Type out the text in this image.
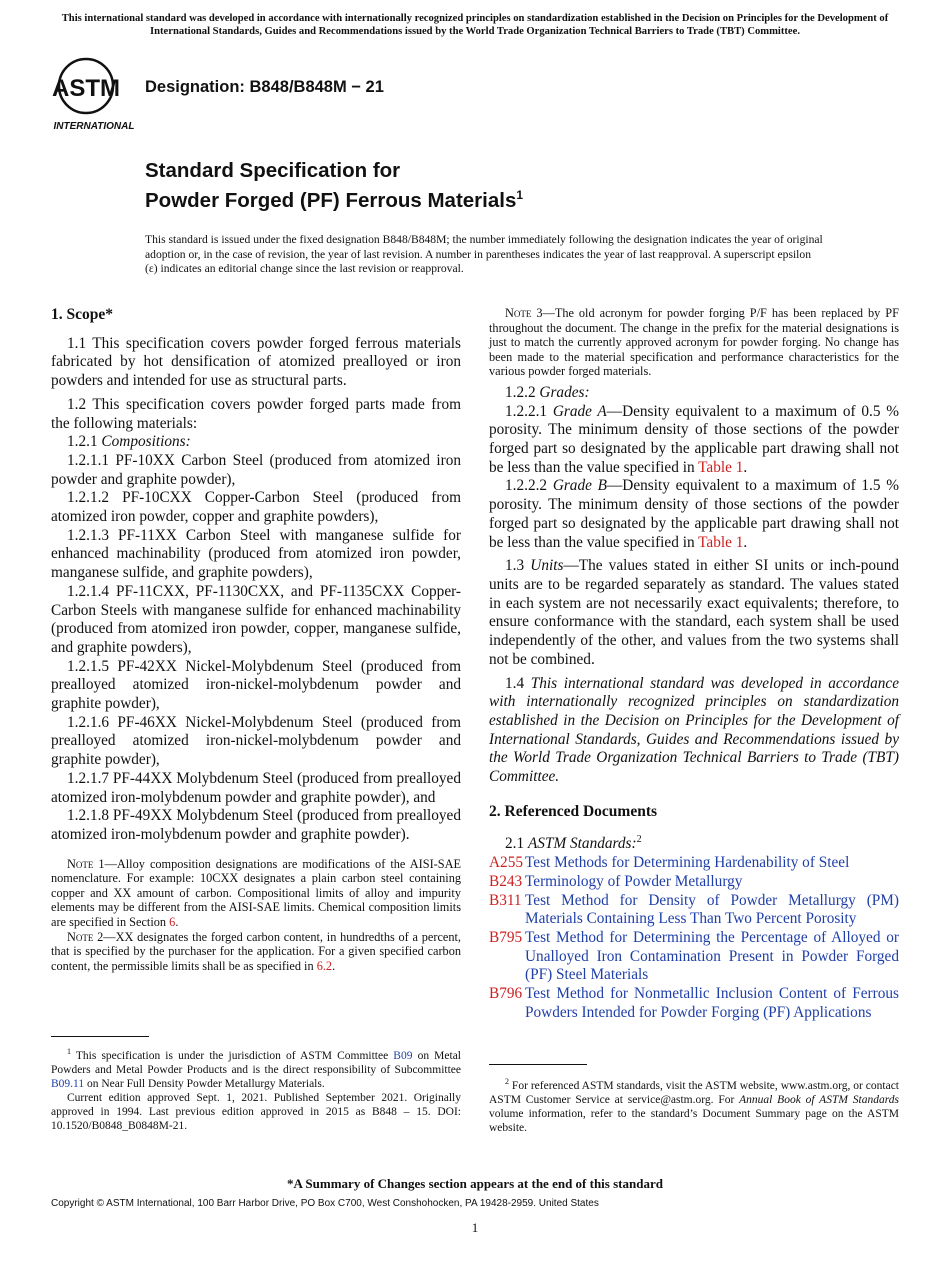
This international standard was developed in accordance with internationally recognized principles on standardization established in the Decision on Principles for the Development of International Standards, Guides and Recommendations issued by the World Trade Organization Technical Barriers to Trade (TBT) Committee.
ASTM
INTERNATIONAL
Designation: B848/B848M − 21
Standard Specification for
Powder Forged (PF) Ferrous Materials$^1$
This standard is issued under the fixed designation B848/B848M; the number immediately following the designation indicates the year of original adoption or, in the case of revision, the year of last revision. A number in parentheses indicates the year of last reapproval. A superscript epsilon (ε) indicates an editorial change since the last revision or reapproval.

1. Scope*

1.1 This specification covers powder forged ferrous materials fabricated by hot densification of atomized prealloyed or iron powders and intended for use as structural parts.

1.2 This specification covers powder forged parts made from the following materials:

1.2.1 Compositions:

1.2.1.1 PF-10XX Carbon Steel (produced from atomized iron powder and graphite powder),

1.2.1.2 PF-10CXX Copper-Carbon Steel (produced from atomized iron powder, copper and graphite powders),

1.2.1.3 PF-11XX Carbon Steel with manganese sulfide for enhanced machinability (produced from atomized iron powder, manganese sulfide, and graphite powders),

1.2.1.4 PF-11CXX, PF-1130CXX, and PF-1135CXX Copper-Carbon Steels with manganese sulfide for enhanced machinability (produced from atomized iron powder, copper, manganese sulfide, and graphite powders),

1.2.1.5 PF-42XX Nickel-Molybdenum Steel (produced from prealloyed atomized iron-nickel-molybdenum powder and graphite powder),

1.2.1.6 PF-46XX Nickel-Molybdenum Steel (produced from prealloyed atomized iron-nickel-molybdenum powder and graphite powder),

1.2.1.7 PF-44XX Molybdenum Steel (produced from prealloyed atomized iron-molybdenum powder and graphite powder), and

1.2.1.8 PF-49XX Molybdenum Steel (produced from prealloyed atomized iron-molybdenum powder and graphite powder).

Note 1—Alloy composition designations are modifications of the AISI-SAE nomenclature. For example: 10CXX designates a plain carbon steel containing copper and XX amount of carbon. Compositional limits of alloy and impurity elements may be different from the AISI-SAE limits. Chemical composition limits are specified in Section 6.

Note 2—XX designates the forged carbon content, in hundredths of a percent, that is specified by the purchaser for the application. For a given specified carbon content, the permissible limits shall be as specified in 6.2.

$^1$ This specification is under the jurisdiction of ASTM Committee B09 on Metal Powders and Metal Powder Products and is the direct responsibility of Subcommittee B09.11 on Near Full Density Powder Metallurgy Materials.

Current edition approved Sept. 1, 2021. Published September 2021. Originally approved in 1994. Last previous edition approved in 2015 as B848 – 15. DOI: 10.1520/B0848_B0848M-21.

Note 3—The old acronym for powder forging P/F has been replaced by PF throughout the document. The change in the prefix for the material designations is just to match the currently approved acronym for powder forging. No change has been made to the material specification and performance characteristics for the various powder forged materials.

1.2.2 Grades:

1.2.2.1 Grade A—Density equivalent to a maximum of 0.5 % porosity. The minimum density of those sections of the powder forged part so designated by the applicable part drawing shall not be less than the value specified in Table 1.

1.2.2.2 Grade B—Density equivalent to a maximum of 1.5 % porosity. The minimum density of those sections of the powder forged part so designated by the applicable part drawing shall not be less than the value specified in Table 1.

1.3 Units—The values stated in either SI units or inch-pound units are to be regarded separately as standard. The values stated in each system are not necessarily exact equivalents; therefore, to ensure conformance with the standard, each system shall be used independently of the other, and values from the two systems shall not be combined.

1.4 This international standard was developed in accordance with internationally recognized principles on standardization established in the Decision on Principles for the Development of International Standards, Guides and Recommendations issued by the World Trade Organization Technical Barriers to Trade (TBT) Committee.

2. Referenced Documents

2.1 ASTM Standards:$^2$

A255 Test Methods for Determining Hardenability of Steel

B243 Terminology of Powder Metallurgy

B311 Test Method for Density of Powder Metallurgy (PM) Materials Containing Less Than Two Percent Porosity

B795 Test Method for Determining the Percentage of Alloyed or Unalloyed Iron Contamination Present in Powder Forged (PF) Steel Materials

B796 Test Method for Nonmetallic Inclusion Content of Ferrous Powders Intended for Powder Forging (PF) Applications

$^2$ For referenced ASTM standards, visit the ASTM website, www.astm.org, or contact ASTM Customer Service at service@astm.org. For Annual Book of ASTM Standards volume information, refer to the standard’s Document Summary page on the ASTM website.

*A Summary of Changes section appears at the end of this standard
Copyright © ASTM International, 100 Barr Harbor Drive, PO Box C700, West Conshohocken, PA 19428-2959. United States
1
